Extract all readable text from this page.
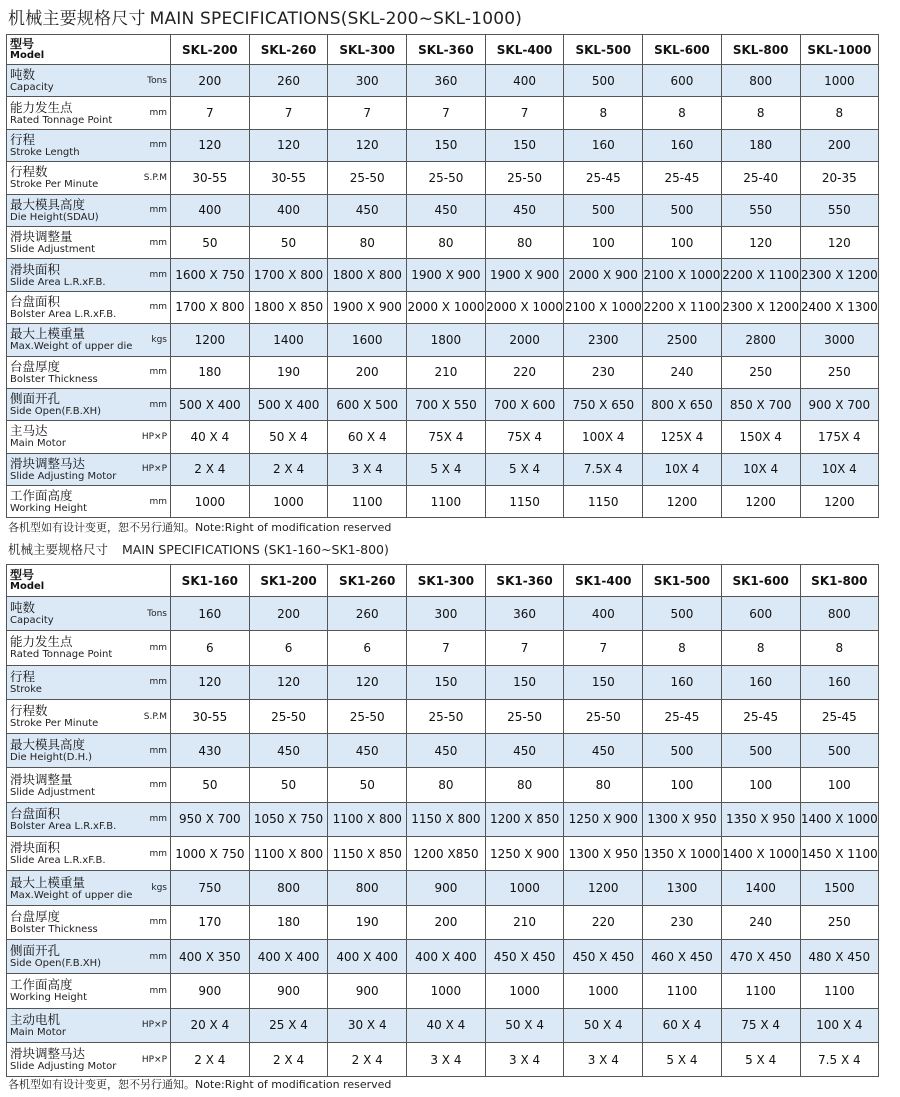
机械主要规格尺寸 MAIN SPECIFICATIONS(SKL-200~SKL-1000)
型号
Model	SKL-200	SKL-260	SKL-300	SKL-360	SKL-400	SKL-500	SKL-600	SKL-800	SKL-1000

吨数
Capacity
Tons	200	260	300	360	400	500	600	800	1000

能力发生点
Rated Tonnage Point
mm	7	7	7	7	7	8	8	8	8

行程
Stroke Length
mm	120	120	120	150	150	160	160	180	200

行程数
Stroke Per Minute
S.P.M	30-55	30-55	25-50	25-50	25-50	25-45	25-45	25-40	20-35

最大模具高度
Die Height(SDAU)
mm	400	400	450	450	450	500	500	550	550

滑块调整量
Slide Adjustment
mm	50	50	80	80	80	100	100	120	120

滑块面积
Slide Area L.R.xF.B.
mm	1600 X 750	1700 X 800	1800 X 800	1900 X 900	1900 X 900	2000 X 900	2100 X 1000	2200 X 1100	2300 X 1200

台盘面积
Bolster Area L.R.xF.B.
mm	1700 X 800	1800 X 850	1900 X 900	2000 X 1000	2000 X 1000	2100 X 1000	2200 X 1100	2300 X 1200	2400 X 1300

最大上模重量
Max.Weight of upper die
kgs	1200	1400	1600	1800	2000	2300	2500	2800	3000

台盘厚度
Bolster Thickness
mm	180	190	200	210	220	230	240	250	250

侧面开孔
Side Open(F.B.XH)
mm	500 X 400	500 X 400	600 X 500	700 X 550	700 X 600	750 X 650	800 X 650	850 X 700	900 X 700

主马达
Main Motor
HP×P	40 X 4	50 X 4	60 X 4	75X 4	75X 4	100X 4	125X 4	150X 4	175X 4

滑块调整马达
Slide Adjusting Motor
HP×P	2 X 4	2 X 4	3 X 4	5 X 4	5 X 4	7.5X 4	10X 4	10X 4	10X 4

工作面高度
Working Height
mm	1000	1000	1100	1100	1150	1150	1200	1200	1200
各机型如有设计变更，恕不另行通知。Note:Right of modification reserved
机械主要规格尺寸 MAIN SPECIFICATIONS (SK1-160~SK1-800)
型号
Model	SK1-160	SK1-200	SK1-260	SK1-300	SK1-360	SK1-400	SK1-500	SK1-600	SK1-800

吨数
Capacity
Tons	160	200	260	300	360	400	500	600	800

能力发生点
Rated Tonnage Point
mm	6	6	6	7	7	7	8	8	8

行程
Stroke
mm	120	120	120	150	150	150	160	160	160

行程数
Stroke Per Minute
S.P.M	30-55	25-50	25-50	25-50	25-50	25-50	25-45	25-45	25-45

最大模具高度
Die Height(D.H.)
mm	430	450	450	450	450	450	500	500	500

滑块调整量
Slide Adjustment
mm	50	50	50	80	80	80	100	100	100

台盘面积
Bolster Area L.R.xF.B.
mm	950 X 700	1050 X 750	1100 X 800	1150 X 800	1200 X 850	1250 X 900	1300 X 950	1350 X 950	1400 X 1000

滑块面积
Slide Area L.R.xF.B.
mm	1000 X 750	1100 X 800	1150 X 850	1200 X850	1250 X 900	1300 X 950	1350 X 1000	1400 X 1000	1450 X 1100

最大上模重量
Max.Weight of upper die
kgs	750	800	800	900	1000	1200	1300	1400	1500

台盘厚度
Bolster Thickness
mm	170	180	190	200	210	220	230	240	250

侧面开孔
Side Open(F.B.XH)
mm	400 X 350	400 X 400	400 X 400	400 X 400	450 X 450	450 X 450	460 X 450	470 X 450	480 X 450

工作面高度
Working Height
mm	900	900	900	1000	1000	1000	1100	1100	1100

主动电机
Main Motor
HP×P	20 X 4	25 X 4	30 X 4	40 X 4	50 X 4	50 X 4	60 X 4	75 X 4	100 X 4

滑块调整马达
Slide Adjusting Motor
HP×P	2 X 4	2 X 4	2 X 4	3 X 4	3 X 4	3 X 4	5 X 4	5 X 4	7.5 X 4
各机型如有设计变更，恕不另行通知。Note:Right of modification reserved
